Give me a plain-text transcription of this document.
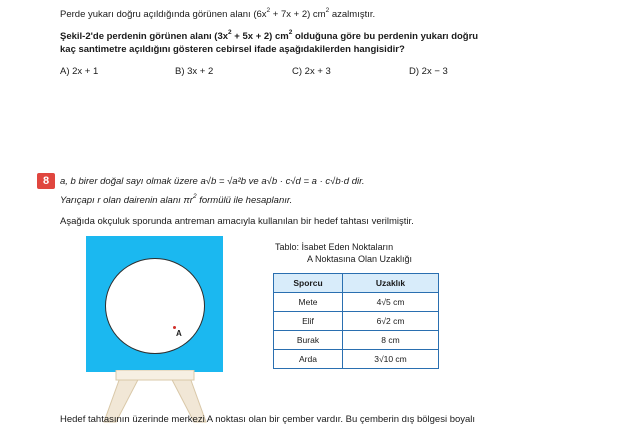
Perde yukarı doğru açıldığında görünen alanı $(6x^2 + 7x + 2)$ $cm^2$ azalmıştır.
Şekil-2'de perdenin görünen alanı $(3x^2 + 5x + 2)$ $cm^2$ olduğuna göre bu perdenin yukarı doğru
kaç santimetre açıldığını gösteren cebirsel ifade aşağıdakilerden hangisidir?
A) 2x + 1	B) 3x + 2	C) 2x + 3	D) 2x − 3
8	a, b birer doğal sayı olmak üzere a√b = √a²b ve a√b · c√d = a · c√b·d dir.
Yarıçapı r olan dairenin alanı $\pi r^2$ formülü ile hesaplanır.
Aşağıda okçuluk sporunda antreman amacıyla kullanılan bir hedef tahtası verilmiştir.
A
Tablo: İsabet Eden Noktaların
A Noktasına Olan Uzaklığı
Sporcu	Uzaklık
Mete	4√5 cm
Elif	6√2 cm
Burak	8 cm
Arda	3√10 cm
Hedef tahtasının üzerinde merkezi A noktası olan bir çember vardır. Bu çemberin dış bölgesi boyalı
